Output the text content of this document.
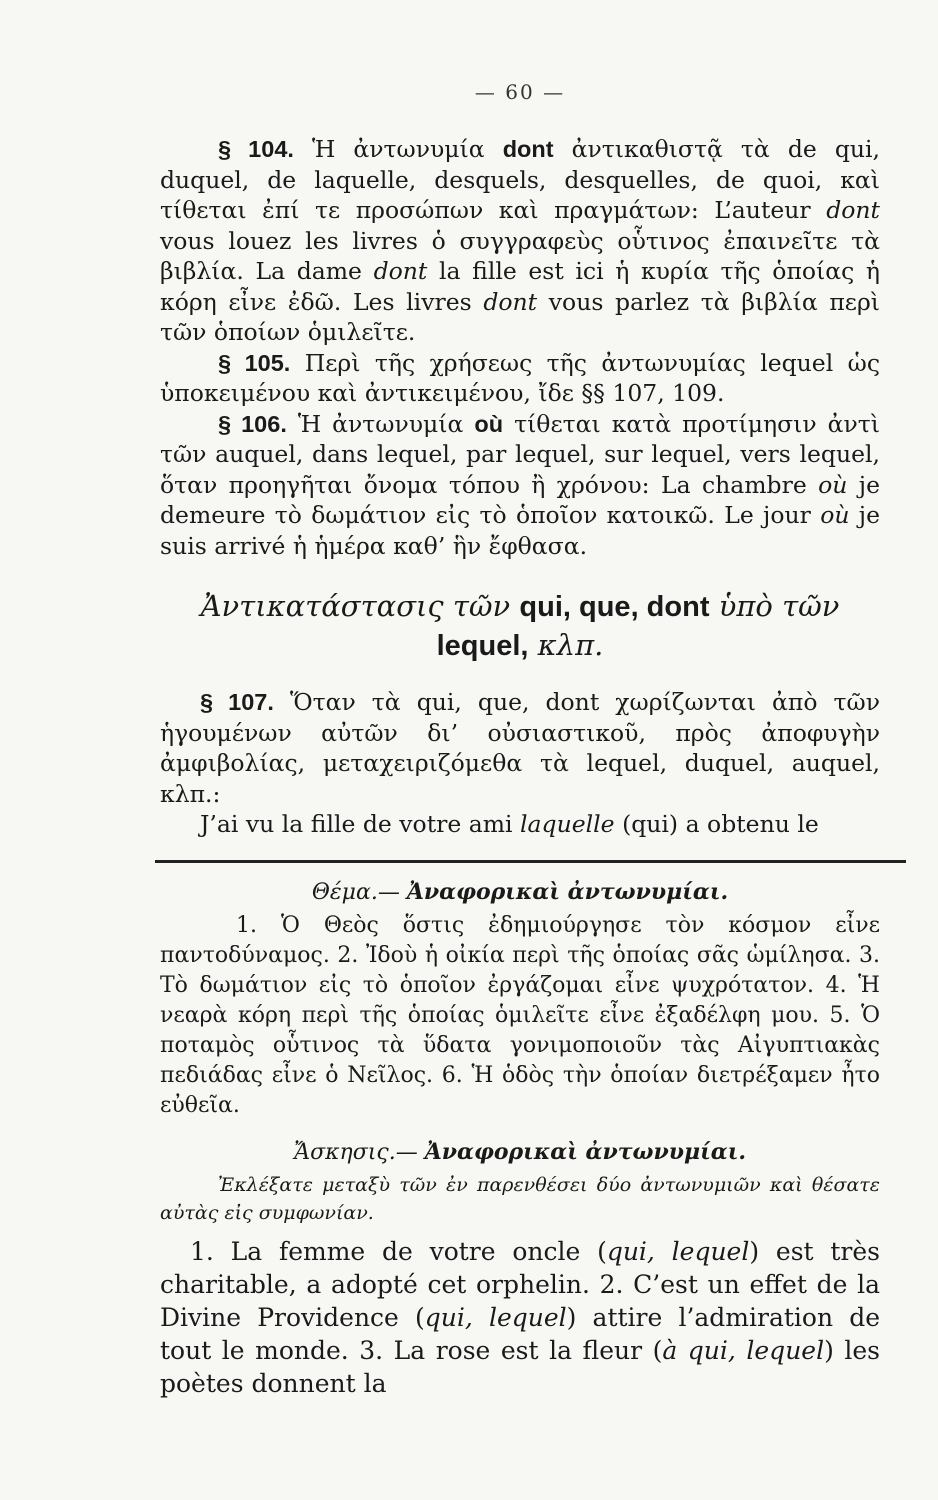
— 60 —

§ 104. Ἡ ἀντωνυμία dont ἀντικαθιστᾷ τὰ de qui, duquel, de laquelle, desquels, desquelles, de quoi, καὶ τίθεται ἐπί τε προσώπων καὶ πραγμάτων: L’auteur dont vous louez les livres ὁ συγγραφεὺς οὗτινος ἐπαινεῖτε τὰ βιβλία. La dame dont la fille est ici ἡ κυρία τῆς ὁποίας ἡ κόρη εἶνε ἐδῶ. Les livres dont vous parlez τὰ βιβλία περὶ τῶν ὁποίων ὁμιλεῖτε.

§ 105. Περὶ τῆς χρήσεως τῆς ἀντωνυμίας lequel ὡς ὑποκειμένου καὶ ἀντικειμένου, ἴδε §§ 107, 109.

§ 106. Ἡ ἀντωνυμία où τίθεται κατὰ προτίμησιν ἀντὶ τῶν auquel, dans lequel, par lequel, sur lequel, vers lequel, ὅταν προηγῆται ὄνομα τόπου ἢ χρόνου: La chambre où je demeure τὸ δωμάτιον εἰς τὸ ὁποῖον κατοικῶ. Le jour où je suis arrivé ἡ ἡμέρα καθ’ ἣν ἔφθασα.

Ἀντικατάστασις τῶν qui, que, dont ὑπὸ τῶν
lequel, κλπ.

§ 107. Ὅταν τὰ qui, que, dont χωρίζωνται ἀπὸ τῶν ἡγουμένων αὐτῶν δι’ οὐσιαστικοῦ, πρὸς ἀποφυγὴν ἀμφιβολίας, μεταχειριζόμεθα τὰ lequel, duquel, auquel, κλπ.:

J’ai vu la fille de votre ami laquelle (qui) a obtenu le

Θέμα.— Ἀναφορικαὶ ἀντωνυμίαι.

1. Ὁ Θεὸς ὅστις ἐδημιούργησε τὸν κόσμον εἶνε παντοδύναμος. 2. Ἰδοὺ ἡ οἰκία περὶ τῆς ὁποίας σᾶς ὡμίλησα. 3. Τὸ δωμάτιον εἰς τὸ ὁποῖον ἐργάζομαι εἶνε ψυχρότατον. 4. Ἡ νεαρὰ κόρη περὶ τῆς ὁποίας ὁμιλεῖτε εἶνε ἐξαδέλφη μου. 5. Ὁ ποταμὸς οὗτινος τὰ ὕδατα γονιμοποιοῦν τὰς Αἰγυπτιακὰς πεδιάδας εἶνε ὁ Νεῖλος. 6. Ἡ ὁδὸς τὴν ὁποίαν διετρέξαμεν ἦτο εὐθεῖα.

Ἄσκησις.— Ἀναφορικαὶ ἀντωνυμίαι.

Ἐκλέξατε μεταξὺ τῶν ἐν παρενθέσει δύο ἀντωνυμιῶν καὶ θέσατε αὐτὰς εἰς συμφωνίαν.

1. La femme de votre oncle (qui, lequel) est très charitable, a adopté cet orphelin. 2. C’est un effet de la Divine Providence (qui, lequel) attire l’admiration de tout le monde. 3. La rose est la fleur (à qui, lequel) les poètes donnent la
